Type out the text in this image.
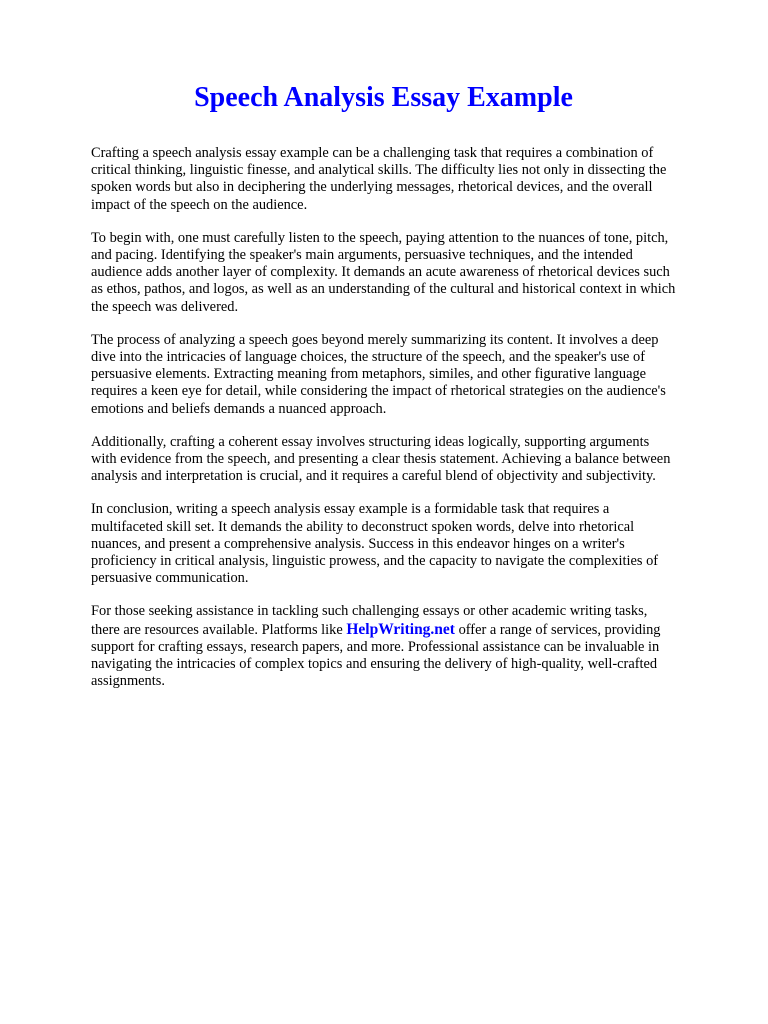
Speech Analysis Essay Example

Crafting a speech analysis essay example can be a challenging task that requires a combination of critical thinking, linguistic finesse, and analytical skills. The difficulty lies not only in dissecting the spoken words but also in deciphering the underlying messages, rhetorical devices, and the overall impact of the speech on the audience.

To begin with, one must carefully listen to the speech, paying attention to the nuances of tone, pitch, and pacing. Identifying the speaker's main arguments, persuasive techniques, and the intended audience adds another layer of complexity. It demands an acute awareness of rhetorical devices such as ethos, pathos, and logos, as well as an understanding of the cultural and historical context in which the speech was delivered.

The process of analyzing a speech goes beyond merely summarizing its content. It involves a deep dive into the intricacies of language choices, the structure of the speech, and the speaker's use of persuasive elements. Extracting meaning from metaphors, similes, and other figurative language requires a keen eye for detail, while considering the impact of rhetorical strategies on the audience's emotions and beliefs demands a nuanced approach.

Additionally, crafting a coherent essay involves structuring ideas logically, supporting arguments with evidence from the speech, and presenting a clear thesis statement. Achieving a balance between analysis and interpretation is crucial, and it requires a careful blend of objectivity and subjectivity.

In conclusion, writing a speech analysis essay example is a formidable task that requires a multifaceted skill set. It demands the ability to deconstruct spoken words, delve into rhetorical nuances, and present a comprehensive analysis. Success in this endeavor hinges on a writer's proficiency in critical analysis, linguistic prowess, and the capacity to navigate the complexities of persuasive communication.

For those seeking assistance in tackling such challenging essays or other academic writing tasks, there are resources available. Platforms like HelpWriting.net offer a range of services, providing support for crafting essays, research papers, and more. Professional assistance can be invaluable in navigating the intricacies of complex topics and ensuring the delivery of high-quality, well-crafted assignments.
